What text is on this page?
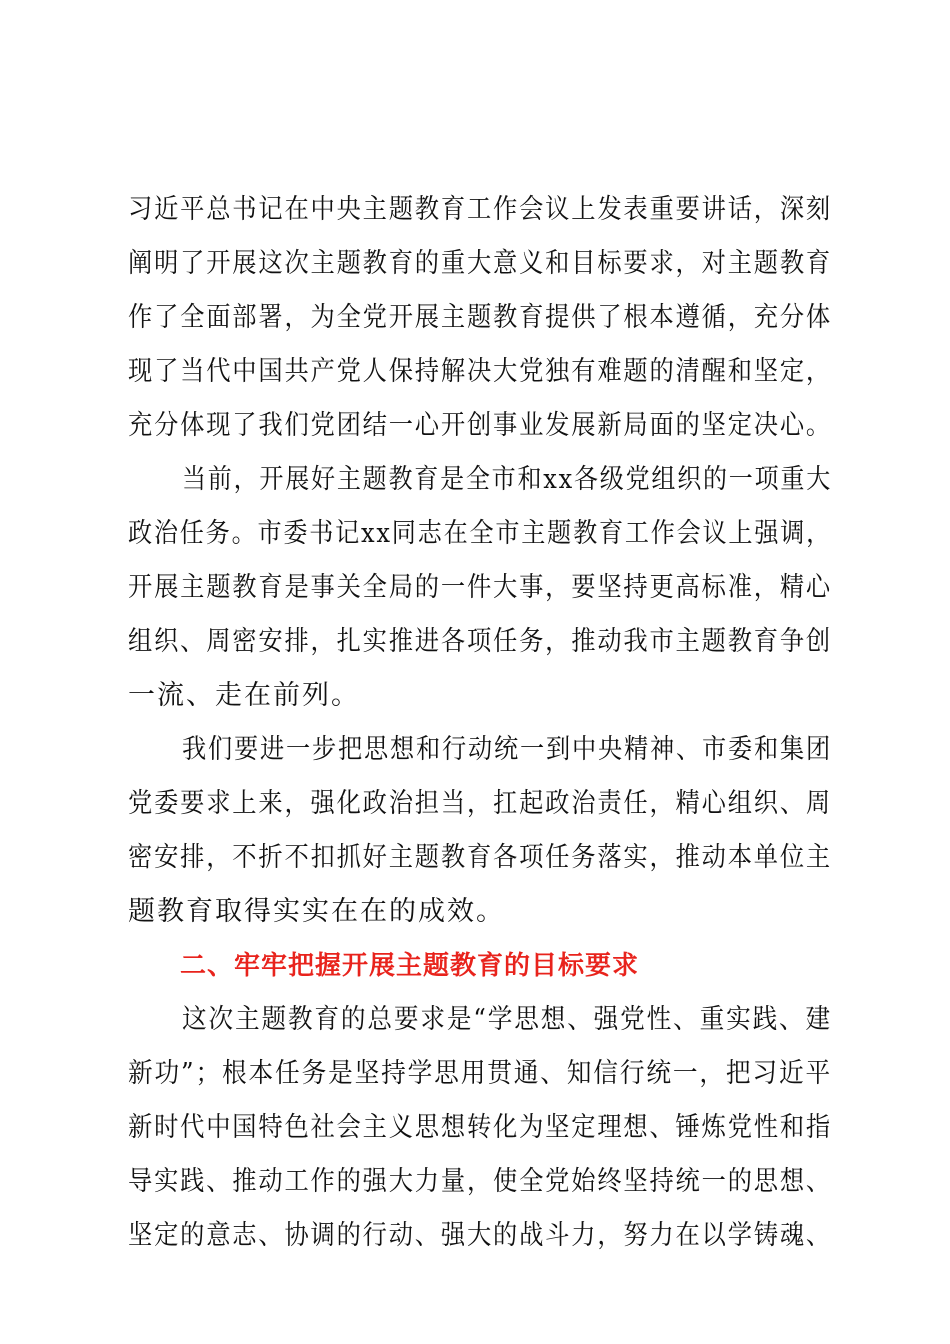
习近平总书记在中央主题教育工作会议上发表重要讲话，深刻
阐明了开展这次主题教育的重大意义和目标要求，对主题教育
作了全面部署，为全党开展主题教育提供了根本遵循，充分体
现了当代中国共产党人保持解决大党独有难题的清醒和坚定，
充分体现了我们党团结一心开创事业发展新局面的坚定决心。

当前，开展好主题教育是全市和xx各级党组织的一项重大
政治任务。市委书记xx同志在全市主题教育工作会议上强调，
开展主题教育是事关全局的一件大事，要坚持更高标准，精心
组织、周密安排，扎实推进各项任务，推动我市主题教育争创
一流、走在前列。

我们要进一步把思想和行动统一到中央精神、市委和集团
党委要求上来，强化政治担当，扛起政治责任，精心组织、周
密安排，不折不扣抓好主题教育各项任务落实，推动本单位主
题教育取得实实在在的成效。

二、牢牢把握开展主题教育的目标要求

这次主题教育的总要求是“学思想、强党性、重实践、建
新功”；根本任务是坚持学思用贯通、知信行统一，把习近平
新时代中国特色社会主义思想转化为坚定理想、锤炼党性和指
导实践、推动工作的强大力量，使全党始终坚持统一的思想、
坚定的意志、协调的行动、强大的战斗力，努力在以学铸魂、
